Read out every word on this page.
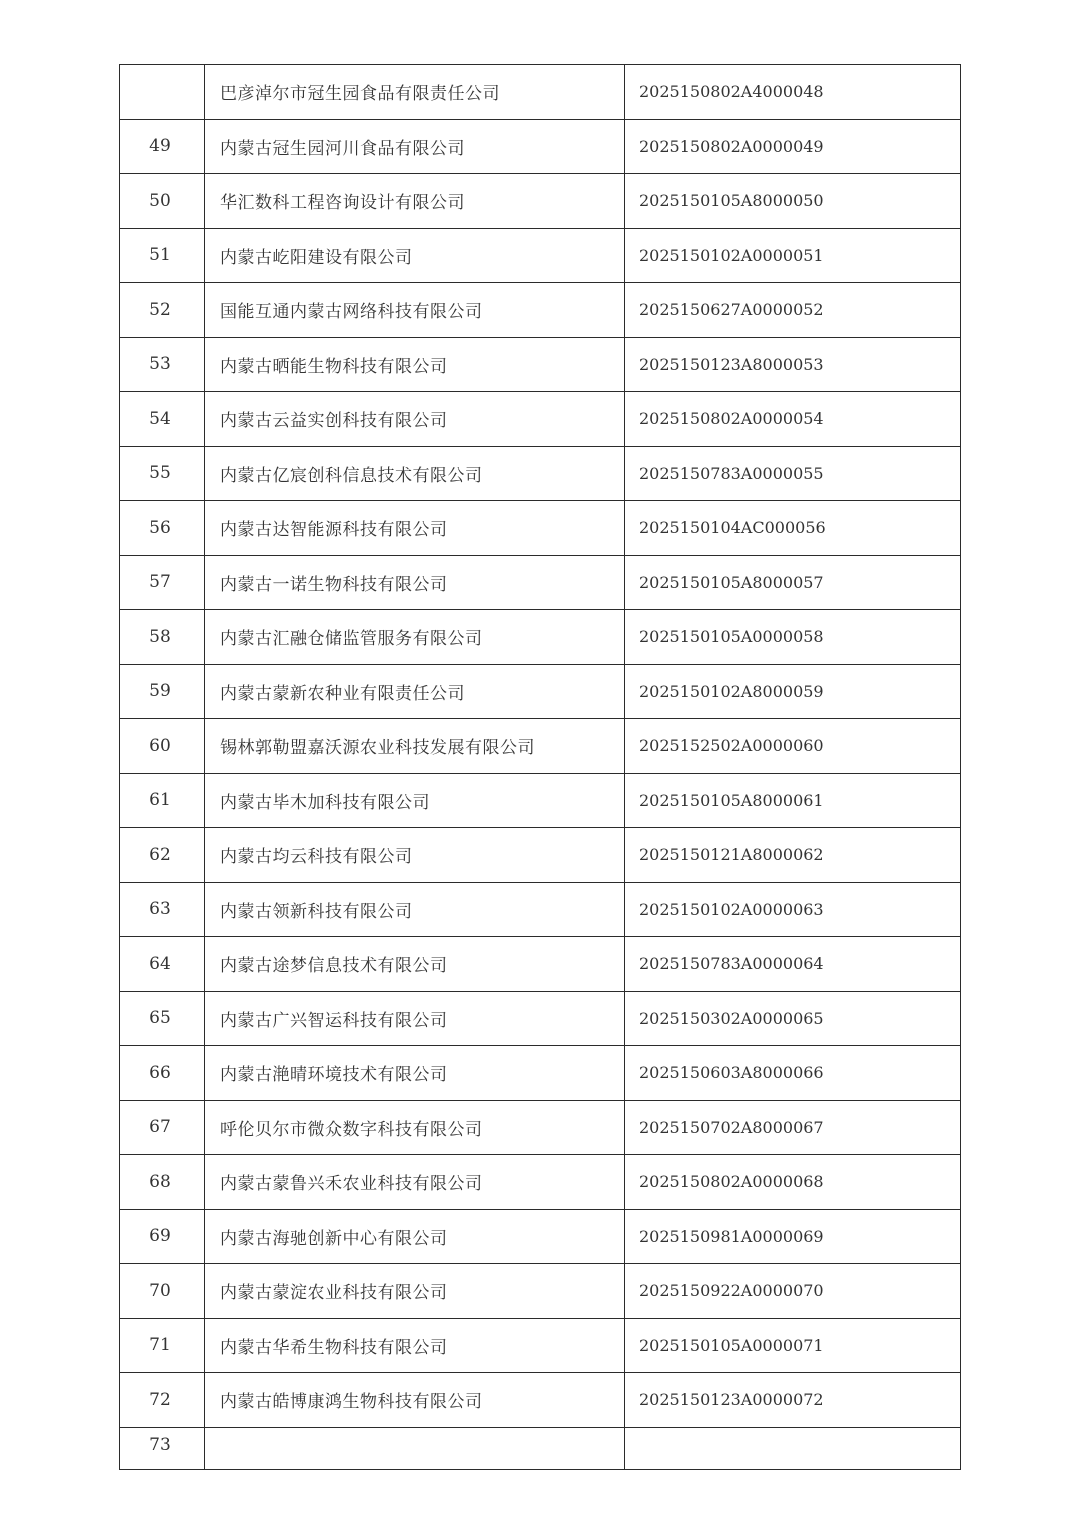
	巴彦淖尔市冠生园食品有限责任公司	2025150802A4000048
49	内蒙古冠生园河川食品有限公司	2025150802A0000049
50	华汇数科工程咨询设计有限公司	2025150105A8000050
51	内蒙古屹阳建设有限公司	2025150102A0000051
52	国能互通内蒙古网络科技有限公司	2025150627A0000052
53	内蒙古晒能生物科技有限公司	2025150123A8000053
54	内蒙古云益实创科技有限公司	2025150802A0000054
55	内蒙古亿宸创科信息技术有限公司	2025150783A0000055
56	内蒙古达智能源科技有限公司	2025150104AC000056
57	内蒙古一诺生物科技有限公司	2025150105A8000057
58	内蒙古汇融仓储监管服务有限公司	2025150105A0000058
59	内蒙古蒙新农种业有限责任公司	2025150102A8000059
60	锡林郭勒盟嘉沃源农业科技发展有限公司	2025152502A0000060
61	内蒙古毕木加科技有限公司	2025150105A8000061
62	内蒙古均云科技有限公司	2025150121A8000062
63	内蒙古领新科技有限公司	2025150102A0000063
64	内蒙古途梦信息技术有限公司	2025150783A0000064
65	内蒙古广兴智运科技有限公司	2025150302A0000065
66	内蒙古滟晴环境技术有限公司	2025150603A8000066
67	呼伦贝尔市微众数字科技有限公司	2025150702A8000067
68	内蒙古蒙鲁兴禾农业科技有限公司	2025150802A0000068
69	内蒙古海驰创新中心有限公司	2025150981A0000069
70	内蒙古蒙淀农业科技有限公司	2025150922A0000070
71	内蒙古华希生物科技有限公司	2025150105A0000071
72	内蒙古皓博康鸿生物科技有限公司	2025150123A0000072
73		
